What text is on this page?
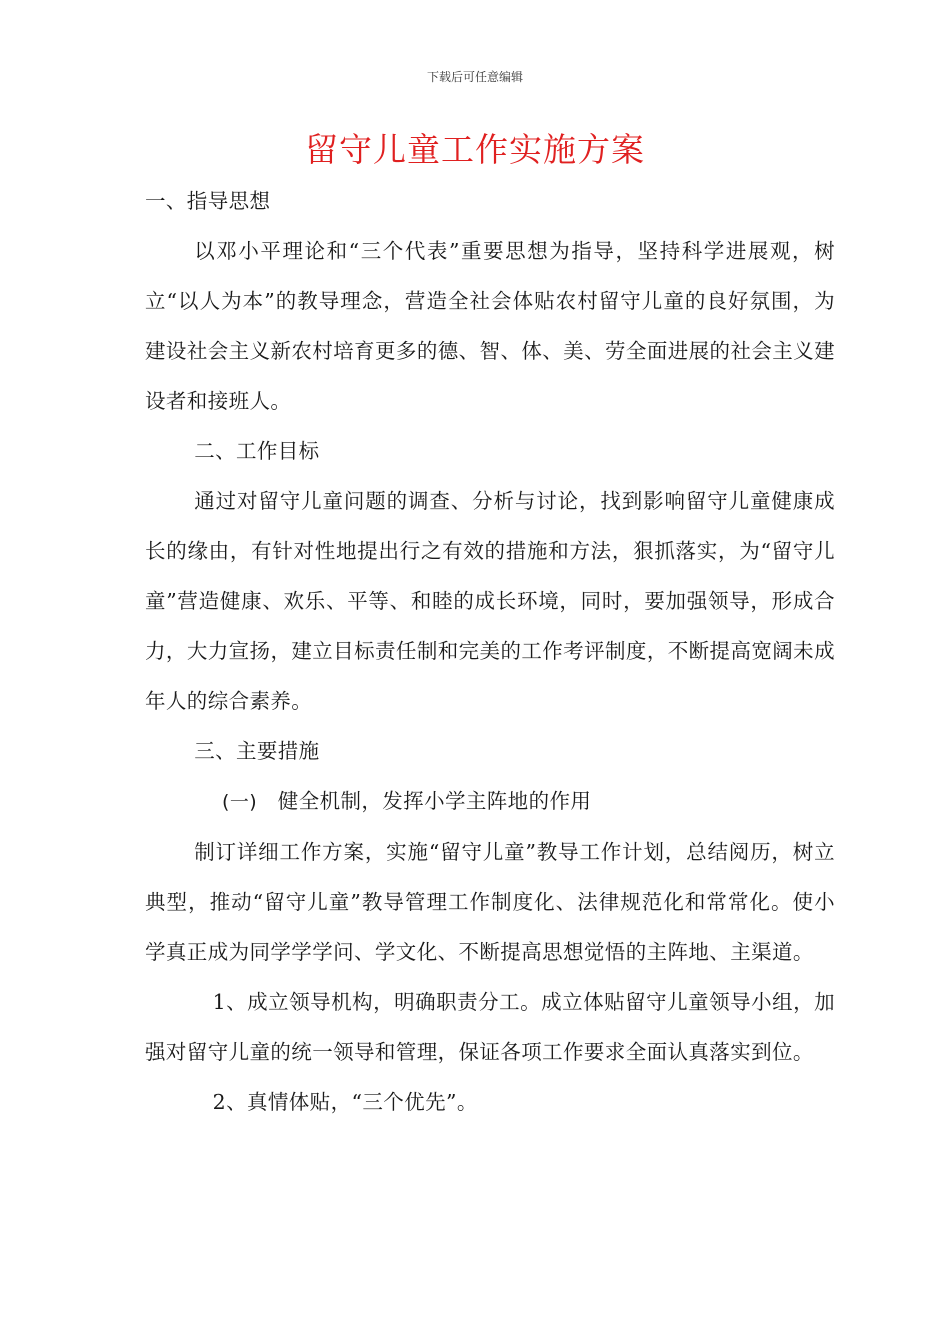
下载后可任意编辑
留守儿童工作实施方案

一、指导思想

以邓小平理论和“三个代表”重要思想为指导，坚持科学进展观，树立“以人为本”的教导理念，营造全社会体贴农村留守儿童的良好氛围，为建设社会主义新农村培育更多的德、智、体、美、劳全面进展的社会主义建设者和接班人。

二、工作目标

通过对留守儿童问题的调查、分析与讨论，找到影响留守儿童健康成长的缘由，有针对性地提出行之有效的措施和方法，狠抓落实，为“留守儿童”营造健康、欢乐、平等、和睦的成长环境，同时，要加强领导，形成合力，大力宣扬，建立目标责任制和完美的工作考评制度，不断提高宽阔未成年人的综合素养。

三、主要措施

(一) 健全机制，发挥小学主阵地的作用

制订详细工作方案，实施“留守儿童”教导工作计划，总结阅历，树立典型，推动“留守儿童”教导管理工作制度化、法律规范化和常常化。使小学真正成为同学学学问、学文化、不断提高思想觉悟的主阵地、主渠道。

1、成立领导机构，明确职责分工。成立体贴留守儿童领导小组，加强对留守儿童的统一领导和管理，保证各项工作要求全面认真落实到位。

2、真情体贴，“三个优先”。
